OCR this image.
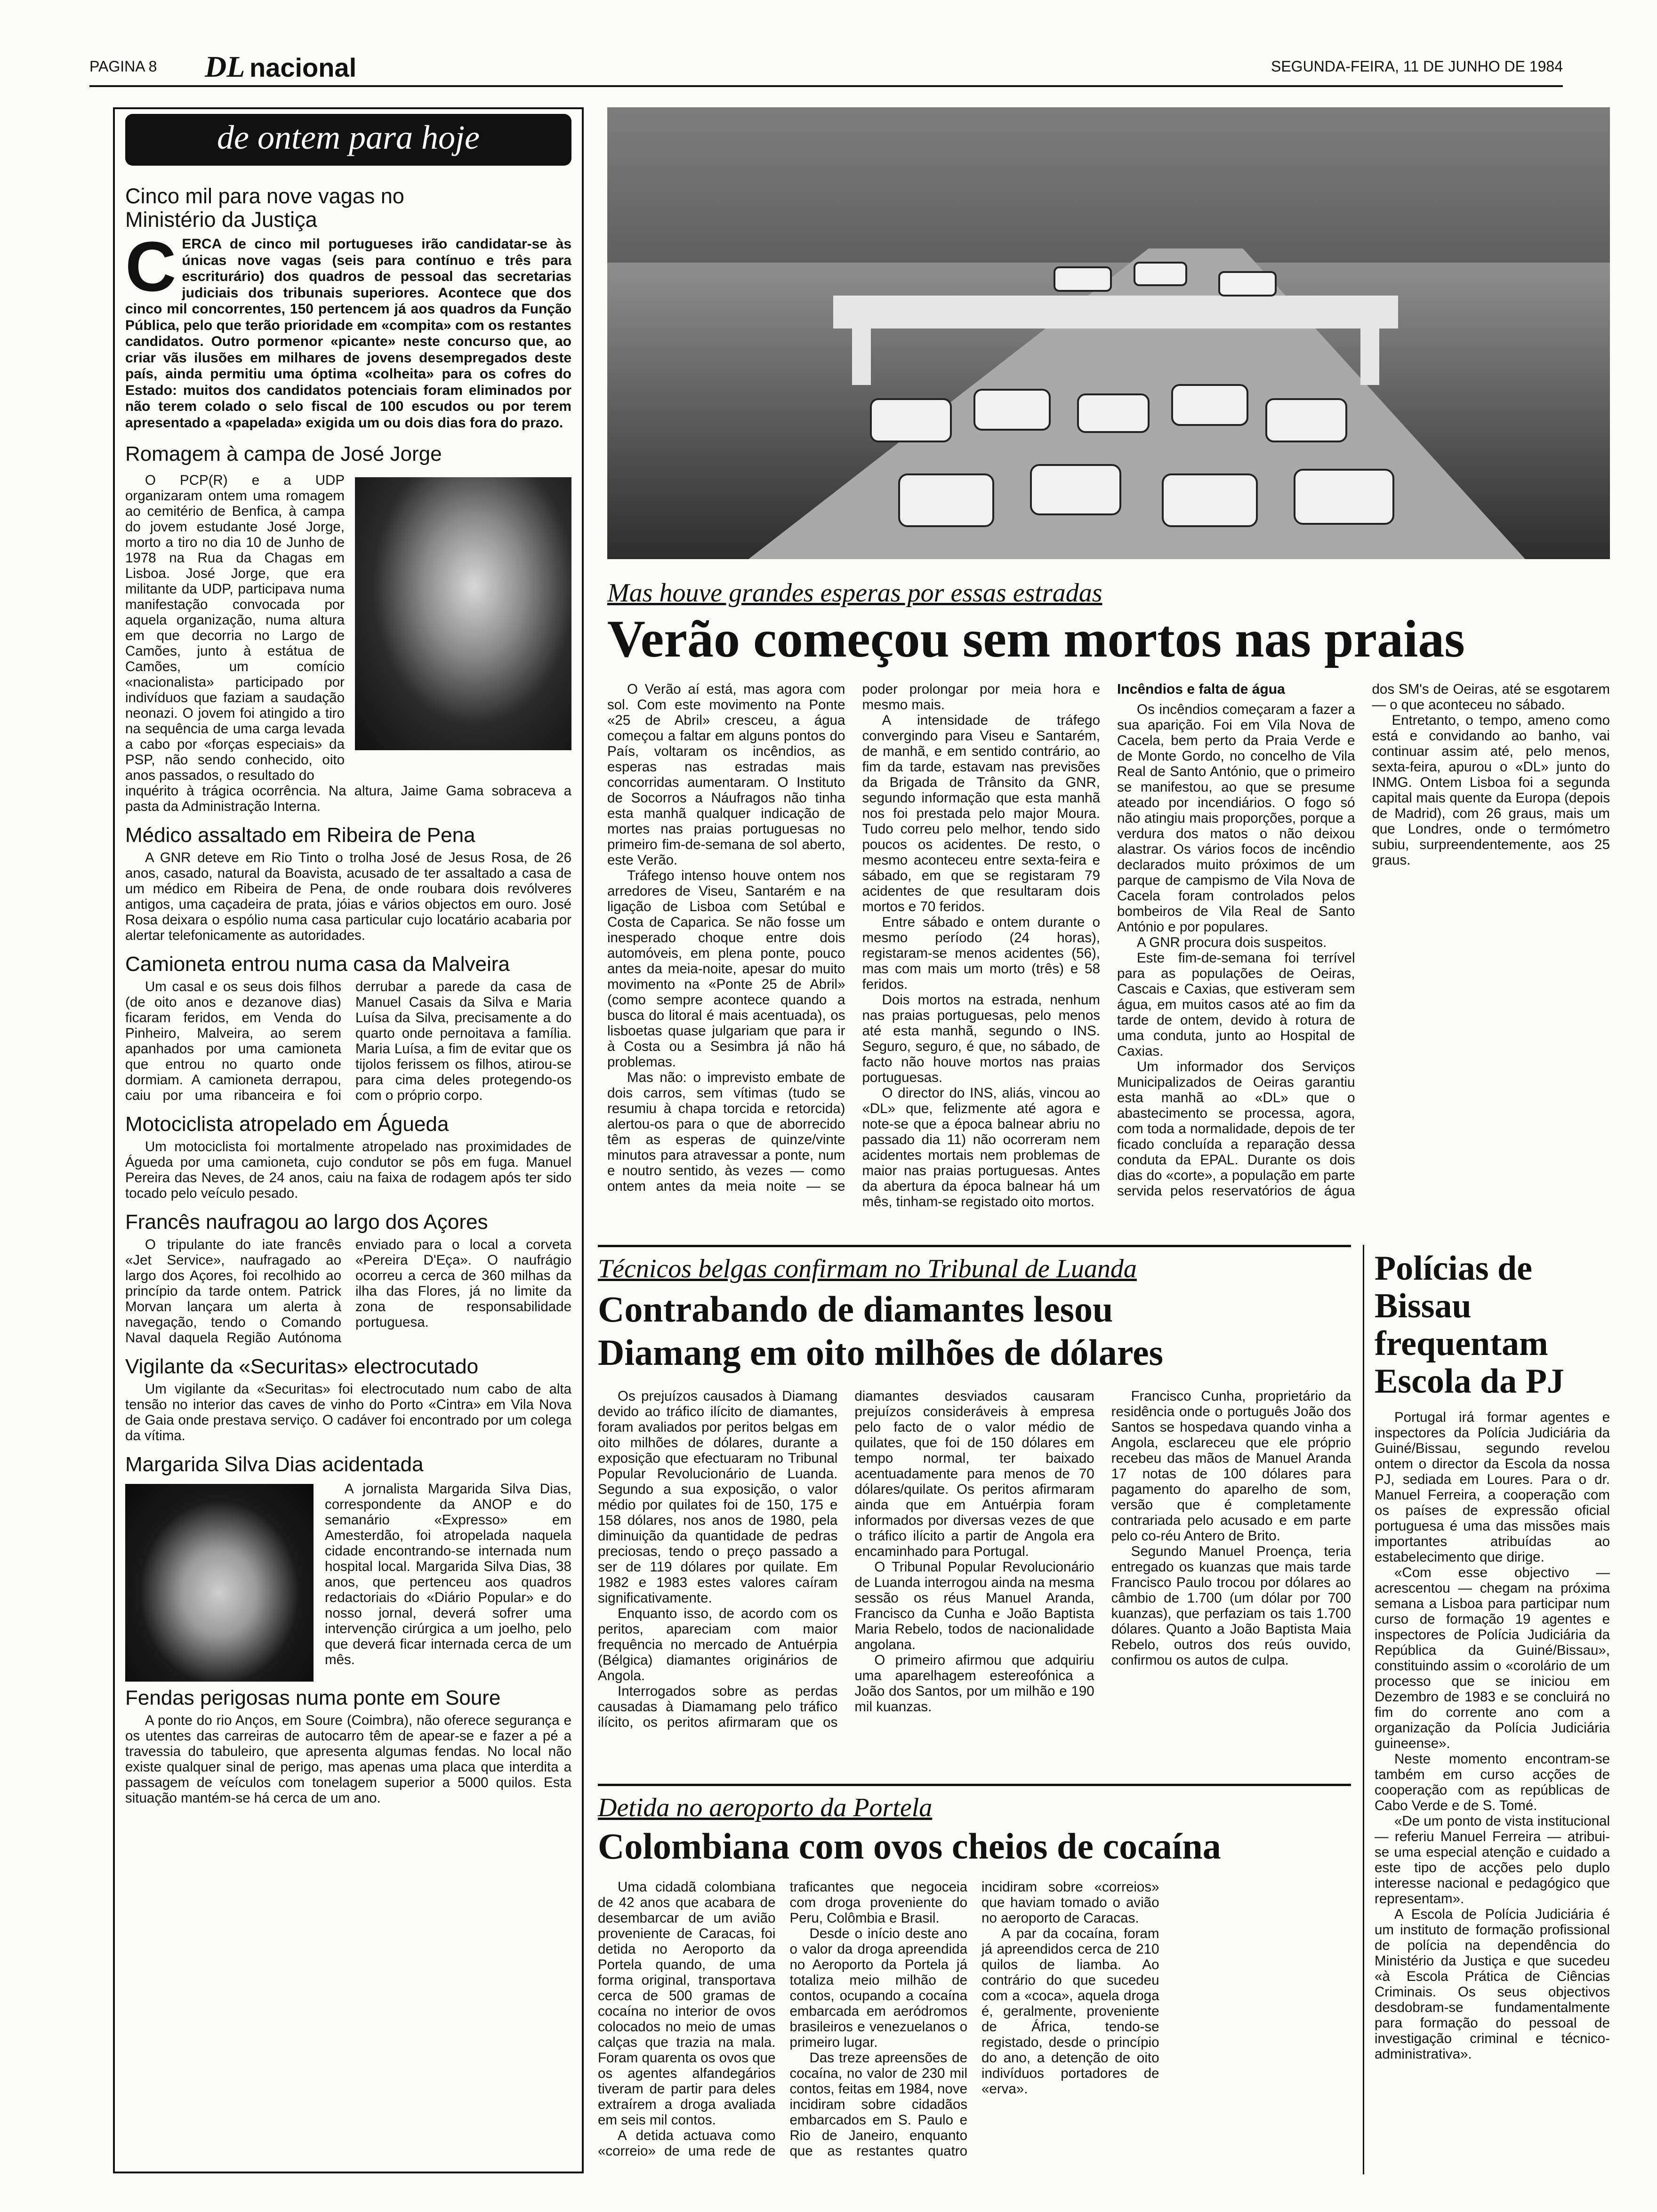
PAGINA 8 DL nacional	SEGUNDA-FEIRA, 11 DE JUNHO DE 1984
de ontem para hoje
Cinco mil para nove vagas no Ministério da Justiça
CERCA de cinco mil portugueses irão candidatar-se às únicas nove vagas (seis para contínuo e três para escriturário) dos quadros de pessoal das secretarias judiciais dos tribunais superiores. Acontece que dos cinco mil concorrentes, 150 pertencem já aos quadros da Função Pública, pelo que terão prioridade em «compita» com os restantes candidatos. Outro pormenor «picante» neste concurso que, ao criar vãs ilusões em milhares de jovens desempregados deste país, ainda permitiu uma óptima «colheita» para os cofres do Estado: muitos dos candidatos potenciais foram eliminados por não terem colado o selo fiscal de 100 escudos ou por terem apresentado a «papelada» exigida um ou dois dias fora do prazo.
Romagem à campa de José Jorge

O PCP(R) e a UDP organizaram ontem uma romagem ao cemitério de Benfica, à campa do jovem estudante José Jorge, morto a tiro no dia 10 de Junho de 1978 na Rua da Chagas em Lisboa. José Jorge, que era militante da UDP, participava numa manifestação convocada por aquela organização, numa altura em que decorria no Largo de Camões, junto à estátua de Camões, um comício «nacionalista» participado por indivíduos que faziam a saudação neonazi. O jovem foi atingido a tiro na sequência de uma carga levada a cabo por «forças especiais» da PSP, não sendo conhecido, oito anos passados, o resultado do

inquérito à trágica ocorrência. Na altura, Jaime Gama sobraceva a pasta da Administração Interna.

Médico assaltado em Ribeira de Pena

A GNR deteve em Rio Tinto o trolha José de Jesus Rosa, de 26 anos, casado, natural da Boavista, acusado de ter assaltado a casa de um médico em Ribeira de Pena, de onde roubara dois revólveres antigos, uma caçadeira de prata, jóias e vários objectos em ouro. José Rosa deixara o espólio numa casa particular cujo locatário acabaria por alertar telefonicamente as autoridades.

Camioneta entrou numa casa da Malveira

Um casal e os seus dois filhos (de oito anos e dezanove dias) ficaram feridos, em Venda do Pinheiro, Malveira, ao serem apanhados por uma camioneta que entrou no quarto onde dormiam. A camioneta derrapou, caiu por uma ribanceira e foi derrubar a parede da casa de Manuel Casais da Silva e Maria Luísa da Silva, precisamente a do quarto onde pernoitava a família. Maria Luísa, a fim de evitar que os tijolos ferissem os filhos, atirou-se para cima deles protegendo-os com o próprio corpo.

Motociclista atropelado em Águeda

Um motociclista foi mortalmente atropelado nas proximidades de Águeda por uma camioneta, cujo condutor se pôs em fuga. Manuel Pereira das Neves, de 24 anos, caiu na faixa de rodagem após ter sido tocado pelo veículo pesado.

Francês naufragou ao largo dos Açores

O tripulante do iate francês «Jet Service», naufragado ao largo dos Açores, foi recolhido ao princípio da tarde ontem. Patrick Morvan lançara um alerta à navegação, tendo o Comando Naval daquela Região Autónoma enviado para o local a corveta «Pereira D'Eça». O naufrágio ocorreu a cerca de 360 milhas da ilha das Flores, já no limite da zona de responsabilidade portuguesa.

Vigilante da «Securitas» electrocutado

Um vigilante da «Securitas» foi electrocutado num cabo de alta tensão no interior das caves de vinho do Porto «Cintra» em Vila Nova de Gaia onde prestava serviço. O cadáver foi encontrado por um colega da vítima.

Margarida Silva Dias acidentada

A jornalista Margarida Silva Dias, correspondente da ANOP e do semanário «Expresso» em Amesterdão, foi atropelada naquela cidade encontrando-se internada num hospital local. Margarida Silva Dias, 38 anos, que pertenceu aos quadros redactoriais do «Diário Popular» e do nosso jornal, deverá sofrer uma intervenção cirúrgica a um joelho, pelo que deverá ficar internada cerca de um mês.

Fendas perigosas numa ponte em Soure

A ponte do rio Anços, em Soure (Coimbra), não oferece segurança e os utentes das carreiras de autocarro têm de apear-se e fazer a pé a travessia do tabuleiro, que apresenta algumas fendas. No local não existe qualquer sinal de perigo, mas apenas uma placa que interdita a passagem de veículos com tonelagem superior a 5000 quilos. Esta situação mantém-se há cerca de um ano.

Mas houve grandes esperas por essas estradas
Verão começou sem mortos nas praias

O Verão aí está, mas agora com sol. Com este movimento na Ponte «25 de Abril» cresceu, a água começou a faltar em alguns pontos do País, voltaram os incêndios, as esperas nas estradas mais concorridas aumentaram. O Instituto de Socorros a Náufragos não tinha esta manhã qualquer indicação de mortes nas praias portuguesas no primeiro fim-de-semana de sol aberto, este Verão.

Tráfego intenso houve ontem nos arredores de Viseu, Santarém e na ligação de Lisboa com Setúbal e Costa de Caparica. Se não fosse um inesperado choque entre dois automóveis, em plena ponte, pouco antes da meia-noite, apesar do muito movimento na «Ponte 25 de Abril» (como sempre acontece quando a busca do litoral é mais acentuada), os lisboetas quase julgariam que para ir à Costa ou a Sesimbra já não há problemas.

Mas não: o imprevisto embate de dois carros, sem vítimas (tudo se resumiu à chapa torcida e retorcida) alertou-os para o que de aborrecido têm as esperas de quinze/vinte minutos para atravessar a ponte, num e noutro sentido, às vezes — como ontem antes da meia noite — se poder prolongar por meia hora e mesmo mais.

A intensidade de tráfego convergindo para Viseu e Santarém, de manhã, e em sentido contrário, ao fim da tarde, estavam nas previsões da Brigada de Trânsito da GNR, segundo informação que esta manhã nos foi prestada pelo major Moura. Tudo correu pelo melhor, tendo sido poucos os acidentes. De resto, o mesmo aconteceu entre sexta-feira e sábado, em que se registaram 79 acidentes de que resultaram dois mortos e 70 feridos.

Entre sábado e ontem durante o mesmo período (24 horas), registaram-se menos acidentes (56), mas com mais um morto (três) e 58 feridos.

Dois mortos na estrada, nenhum nas praias portuguesas, pelo menos até esta manhã, segundo o INS. Seguro, seguro, é que, no sábado, de facto não houve mortos nas praias portuguesas.

O director do INS, aliás, vincou ao «DL» que, felizmente até agora e note-se que a época balnear abriu no passado dia 11) não ocorreram nem acidentes mortais nem problemas de maior nas praias portuguesas. Antes da abertura da época balnear há um mês, tinham-se registado oito mortos.

Incêndios e falta de água

Os incêndios começaram a fazer a sua aparição. Foi em Vila Nova de Cacela, bem perto da Praia Verde e de Monte Gordo, no concelho de Vila Real de Santo António, que o primeiro se manifestou, ao que se presume ateado por incendiários. O fogo só não atingiu mais proporções, porque a verdura dos matos o não deixou alastrar. Os vários focos de incêndio declarados muito próximos de um parque de campismo de Vila Nova de Cacela foram controlados pelos bombeiros de Vila Real de Santo António e por populares.

A GNR procura dois suspeitos.

Este fim-de-semana foi terrível para as populações de Oeiras, Cascais e Caxias, que estiveram sem água, em muitos casos até ao fim da tarde de ontem, devido à rotura de uma conduta, junto ao Hospital de Caxias.

Um informador dos Serviços Municipalizados de Oeiras garantiu esta manhã ao «DL» que o abastecimento se processa, agora, com toda a normalidade, depois de ter ficado concluída a reparação dessa conduta da EPAL. Durante os dois dias do «corte», a população em parte servida pelos reservatórios de água dos SM's de Oeiras, até se esgotarem — o que aconteceu no sábado.

Entretanto, o tempo, ameno como está e convidando ao banho, vai continuar assim até, pelo menos, sexta-feira, apurou o «DL» junto do INMG. Ontem Lisboa foi a segunda capital mais quente da Europa (depois de Madrid), com 26 graus, mais um que Londres, onde o termómetro subiu, surpreendentemente, aos 25 graus.

Técnicos belgas confirmam no Tribunal de Luanda
Contrabando de diamantes lesou
Diamang em oito milhões de dólares

Os prejuízos causados à Diamang devido ao tráfico ilícito de diamantes, foram avaliados por peritos belgas em oito milhões de dólares, durante a exposição que efectuaram no Tribunal Popular Revolucionário de Luanda. Segundo a sua exposição, o valor médio por quilates foi de 150, 175 e 158 dólares, nos anos de 1980, pela diminuição da quantidade de pedras preciosas, tendo o preço passado a ser de 119 dólares por quilate. Em 1982 e 1983 estes valores caíram significativamente.

Enquanto isso, de acordo com os peritos, apareciam com maior frequência no mercado de Antuérpia (Bélgica) diamantes originários de Angola.

Interrogados sobre as perdas causadas à Diamamang pelo tráfico ilícito, os peritos afirmaram que os diamantes desviados causaram prejuízos consideráveis à empresa pelo facto de o valor médio de quilates, que foi de 150 dólares em tempo normal, ter baixado acentuadamente para menos de 70 dólares/quilate. Os peritos afirmaram ainda que em Antuérpia foram informados por diversas vezes de que o tráfico ilícito a partir de Angola era encaminhado para Portugal.

O Tribunal Popular Revolucionário de Luanda interrogou ainda na mesma sessão os réus Manuel Aranda, Francisco da Cunha e João Baptista Maria Rebelo, todos de nacionalidade angolana.

O primeiro afirmou que adquiriu uma aparelhagem estereofónica a João dos Santos, por um milhão e 190 mil kuanzas.

Francisco Cunha, proprietário da residência onde o português João dos Santos se hospedava quando vinha a Angola, esclareceu que ele próprio recebeu das mãos de Manuel Aranda 17 notas de 100 dólares para pagamento do aparelho de som, versão que é completamente contrariada pelo acusado e em parte pelo co-réu Antero de Brito.

Segundo Manuel Proença, teria entregado os kuanzas que mais tarde Francisco Paulo trocou por dólares ao câmbio de 1.700 (um dólar por 700 kuanzas), que perfaziam os tais 1.700 dólares. Quanto a João Baptista Maia Rebelo, outros dos reús ouvido, confirmou os autos de culpa.

Detida no aeroporto da Portela
Colombiana com ovos cheios de cocaína

Uma cidadã colombiana de 42 anos que acabara de desembarcar de um avião proveniente de Caracas, foi detida no Aeroporto da Portela quando, de uma forma original, transportava cerca de 500 gramas de cocaína no interior de ovos colocados no meio de umas calças que trazia na mala. Foram quarenta os ovos que os agentes alfandegários tiveram de partir para deles extraírem a droga avaliada em seis mil contos.

A detida actuava como «correio» de uma rede de traficantes que negoceia com droga proveniente do Peru, Colômbia e Brasil.

Desde o início deste ano o valor da droga apreendida no Aeroporto da Portela já totaliza meio milhão de contos, ocupando a cocaína embarcada em aeródromos brasileiros e venezuelanos o primeiro lugar.

Das treze apreensões de cocaína, no valor de 230 mil contos, feitas em 1984, nove incidiram sobre cidadãos embarcados em S. Paulo e Rio de Janeiro, enquanto que as restantes quatro incidiram sobre «correios» que haviam tomado o avião no aeroporto de Caracas.

A par da cocaína, foram já apreendidos cerca de 210 quilos de liamba. Ao contrário do que sucedeu com a «coca», aquela droga é, geralmente, proveniente de África, tendo-se registado, desde o princípio do ano, a detenção de oito indivíduos portadores de «erva».

Polícias de Bissau frequentam Escola da PJ

Portugal irá formar agentes e inspectores da Polícia Judiciária da Guiné/Bissau, segundo revelou ontem o director da Escola da nossa PJ, sediada em Loures. Para o dr. Manuel Ferreira, a cooperação com os países de expressão oficial portuguesa é uma das missões mais importantes atribuídas ao estabelecimento que dirige.

«Com esse objectivo — acrescentou — chegam na próxima semana a Lisboa para participar num curso de formação 19 agentes e inspectores de Polícia Judiciária da República da Guiné/Bissau», constituindo assim o «corolário de um processo que se iniciou em Dezembro de 1983 e se concluirá no fim do corrente ano com a organização da Polícia Judiciária guineense».

Neste momento encontram-se também em curso acções de cooperação com as repúblicas de Cabo Verde e de S. Tomé.

«De um ponto de vista institucional — referiu Manuel Ferreira — atribui-se uma especial atenção e cuidado a este tipo de acções pelo duplo interesse nacional e pedagógico que representam».

A Escola de Polícia Judiciária é um instituto de formação profissional de polícia na dependência do Ministério da Justiça e que sucedeu «à Escola Prática de Ciências Criminais. Os seus objectivos desdobram-se fundamentalmente para formação do pessoal de investigação criminal e técnico-administrativa».
